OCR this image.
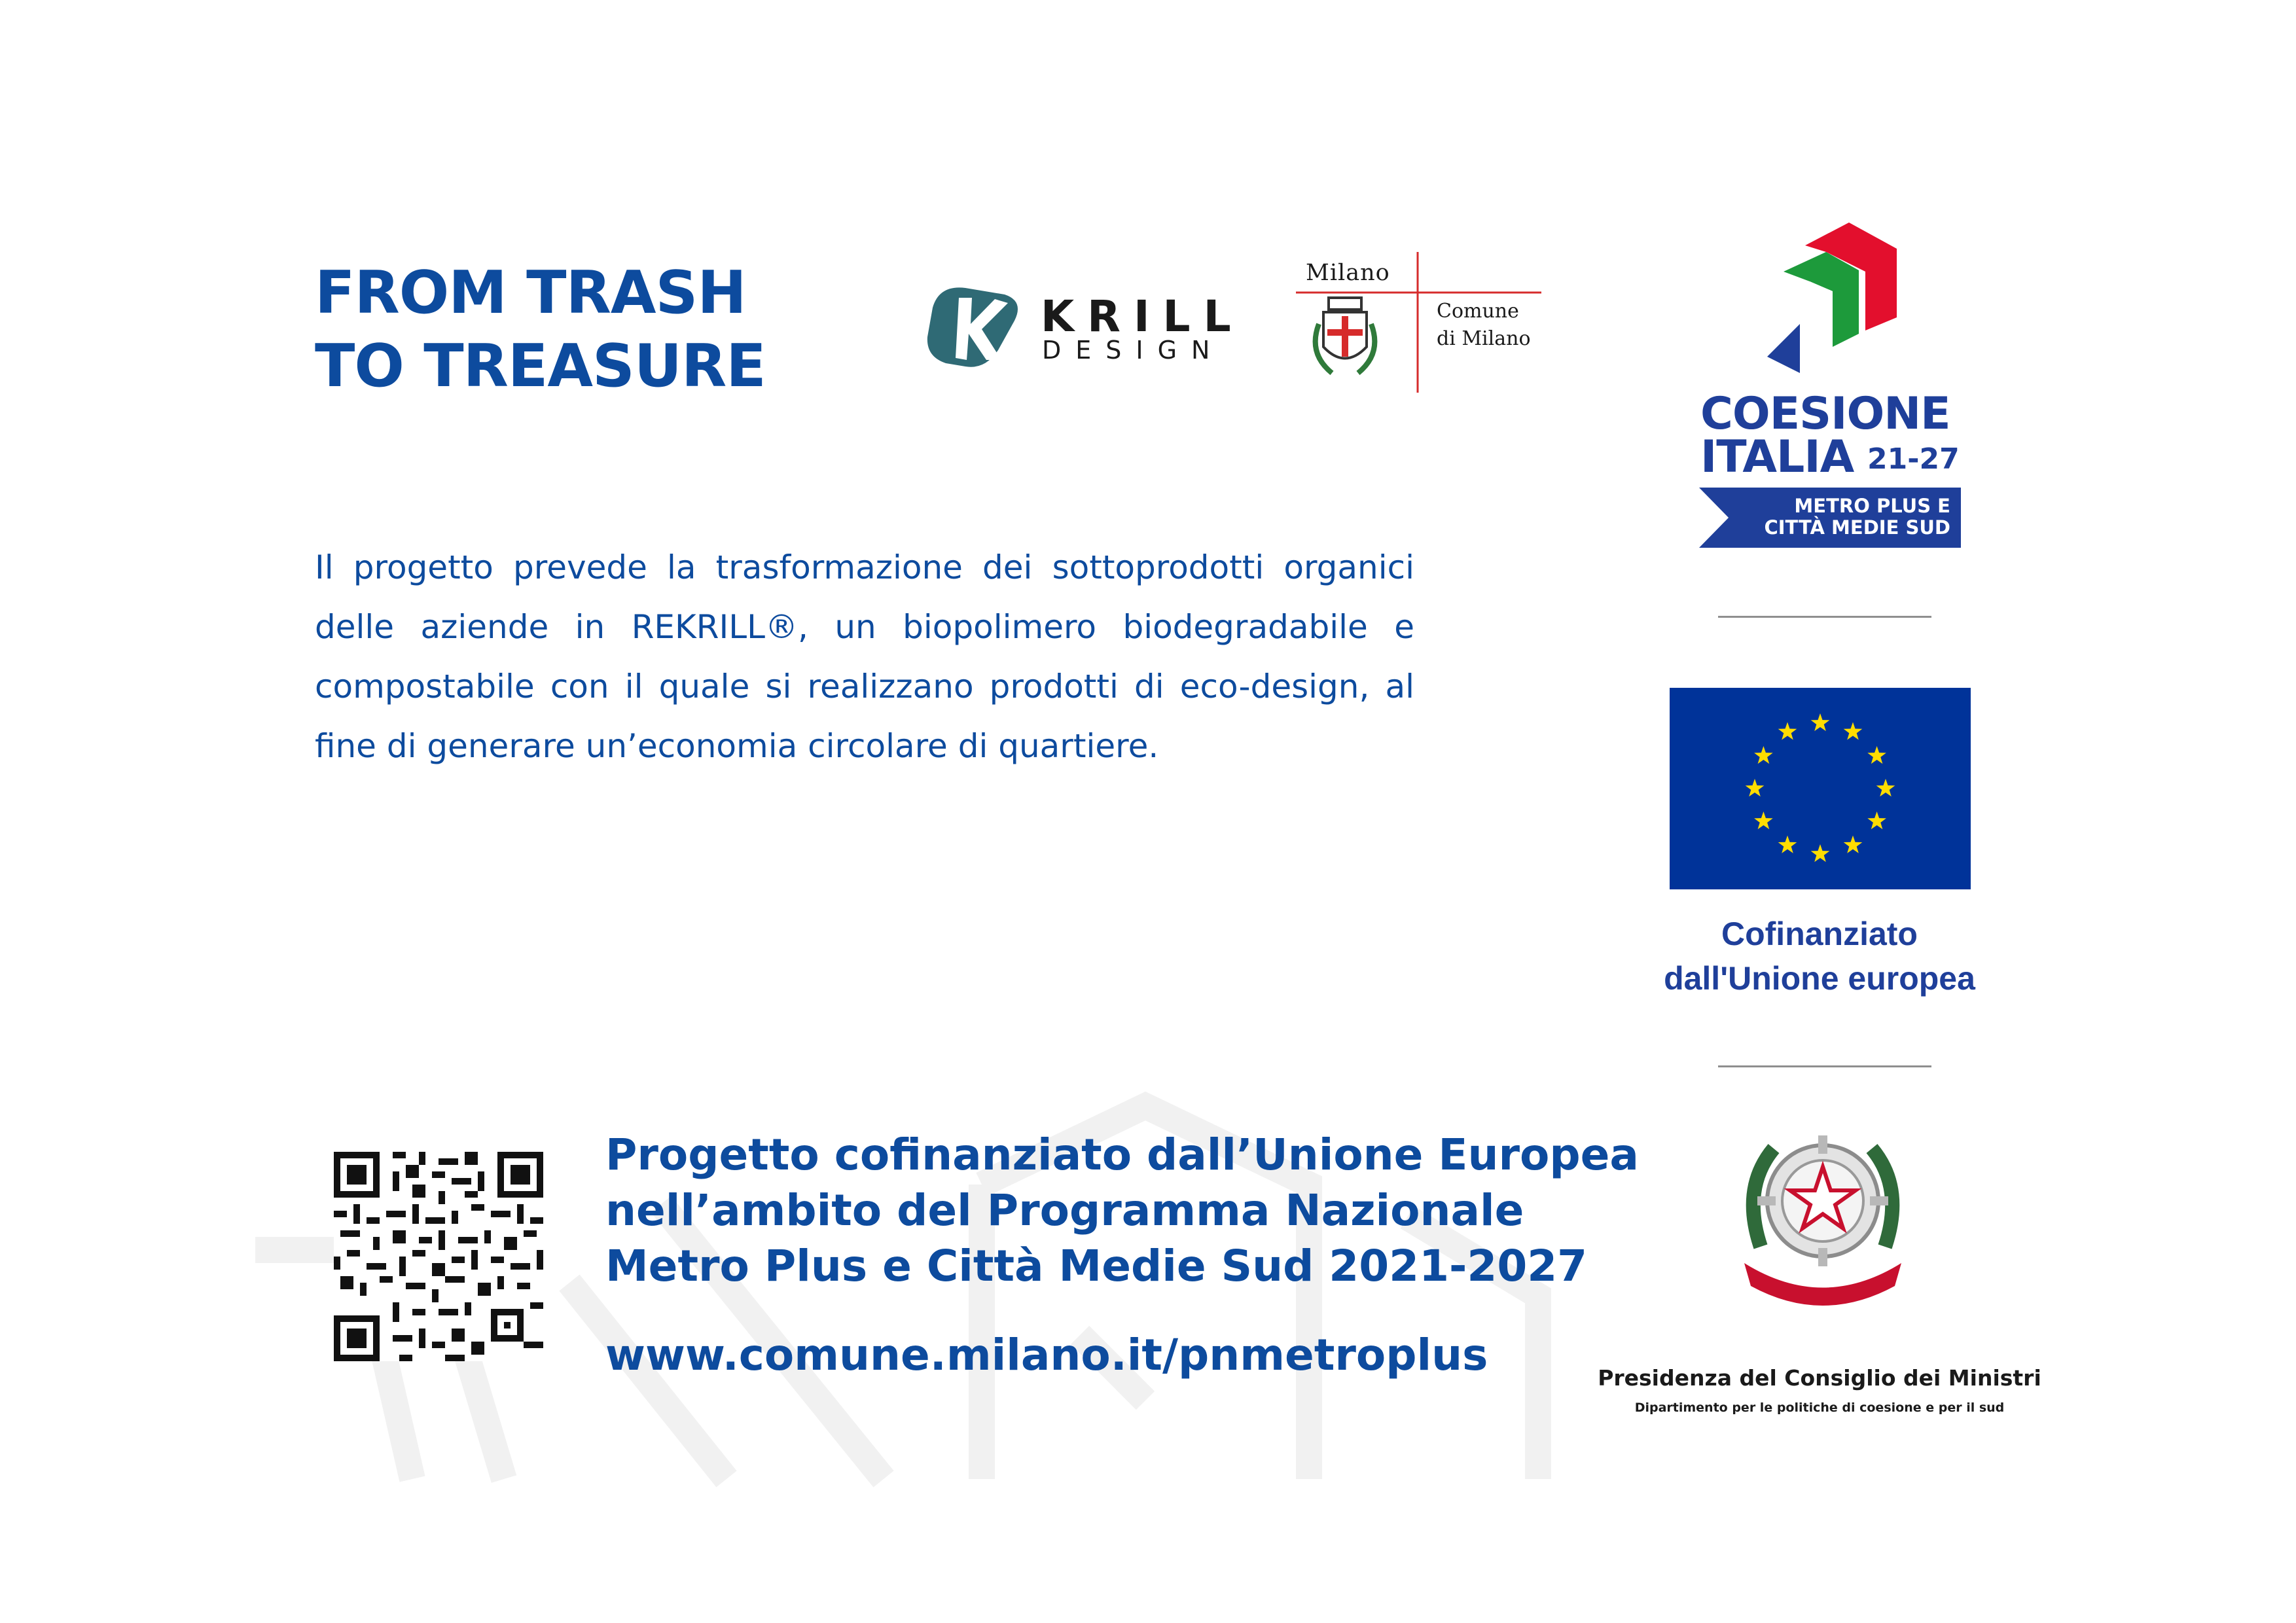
FROM TRASH
TO TREASURE
KRILL
DESIGN
Milano
Comune
di Milano
Il progetto prevede la trasformazione dei sottoprodotti organici delle aziende in REKRILL®, un biopolimero biodegradabile e compostabile con il quale si realizzano prodotti di eco-design, al fine di generare un’economia circolare di quartiere.
Progetto cofinanziato dall’Unione Europea
nell’ambito del Programma Nazionale
Metro Plus e Città Medie Sud 2021-2027
www.comune.milano.it/pnmetroplus
COESIONE
ITALIA 21-27
METRO PLUS E
CITTÀ MEDIE SUD
Cofinanziato
dall'Unione europea
Presidenza del Consiglio dei Ministri
Dipartimento per le politiche di coesione e per il sud
